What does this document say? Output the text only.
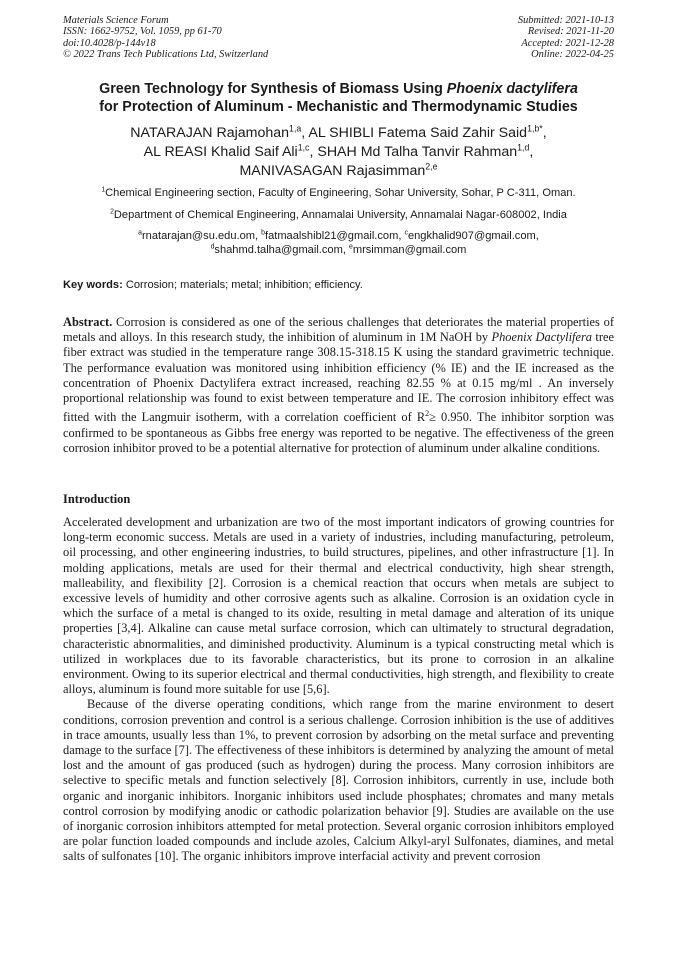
Materials Science Forum
ISSN: 1662-9752, Vol. 1059, pp 61-70
doi:10.4028/p-144v18
© 2022 Trans Tech Publications Ltd, Switzerland
Submitted: 2021-10-13
Revised: 2021-11-20
Accepted: 2021-12-28
Online: 2022-04-25
Green Technology for Synthesis of Biomass Using Phoenix dactylifera
for Protection of Aluminum - Mechanistic and Thermodynamic Studies
NATARAJAN Rajamohan$^{1,a}$, AL SHIBLI Fatema Said Zahir Said$^{1,b*}$,
AL REASI Khalid Saif Ali$^{1,c}$, SHAH Md Talha Tanvir Rahman$^{1,d}$,
MANIVASAGAN Rajasimman$^{2,e}$
$^1$Chemical Engineering section, Faculty of Engineering, Sohar University, Sohar, P C-311, Oman.
$^2$Department of Chemical Engineering, Annamalai University, Annamalai Nagar-608002, India
$^a$rnatarajan@su.edu.om, $^b$fatmaalshibl21@gmail.com, $^c$engkhalid907@gmail.com,
$^d$shahmd.talha@gmail.com, $^e$mrsimman@gmail.com
Key words: Corrosion; materials; metal; inhibition; efficiency.
Abstract. Corrosion is considered as one of the serious challenges that deteriorates the material properties of metals and alloys. In this research study, the inhibition of aluminum in 1M NaOH by Phoenix Dactylifera tree fiber extract was studied in the temperature range 308.15-318.15 K using the standard gravimetric technique. The performance evaluation was monitored using inhibition efficiency (% IE) and the IE increased as the concentration of Phoenix Dactylifera extract increased, reaching 82.55 % at 0.15 mg/ml . An inversely proportional relationship was found to exist between temperature and IE. The corrosion inhibitory effect was fitted with the Langmuir isotherm, with a correlation coefficient of $R^2\ge 0.950$. The inhibitor sorption was confirmed to be spontaneous as Gibbs free energy was reported to be negative. The effectiveness of the green corrosion inhibitor proved to be a potential alternative for protection of aluminum under alkaline conditions.
Introduction

Accelerated development and urbanization are two of the most important indicators of growing countries for long-term economic success. Metals are used in a variety of industries, including manufacturing, petroleum, oil processing, and other engineering industries, to build structures, pipelines, and other infrastructure [1]. In molding applications, metals are used for their thermal and electrical conductivity, high shear strength, malleability, and flexibility [2]. Corrosion is a chemical reaction that occurs when metals are subject to excessive levels of humidity and other corrosive agents such as alkaline. Corrosion is an oxidation cycle in which the surface of a metal is changed to its oxide, resulting in metal damage and alteration of its unique properties [3,4]. Alkaline can cause metal surface corrosion, which can ultimately to structural degradation, characteristic abnormalities, and diminished productivity. Aluminum is a typical constructing metal which is utilized in workplaces due to its favorable characteristics, but its prone to corrosion in an alkaline environment. Owing to its superior electrical and thermal conductivities, high strength, and flexibility to create alloys, aluminum is found more suitable for use [5,6].

Because of the diverse operating conditions, which range from the marine environment to desert conditions, corrosion prevention and control is a serious challenge. Corrosion inhibition is the use of additives in trace amounts, usually less than 1%, to prevent corrosion by adsorbing on the metal surface and preventing damage to the surface [7]. The effectiveness of these inhibitors is determined by analyzing the amount of metal lost and the amount of gas produced (such as hydrogen) during the process. Many corrosion inhibitors are selective to specific metals and function selectively [8]. Corrosion inhibitors, currently in use, include both organic and inorganic inhibitors. Inorganic inhibitors used include phosphates; chromates and many metals control corrosion by modifying anodic or cathodic polarization behavior [9]. Studies are available on the use of inorganic corrosion inhibitors attempted for metal protection. Several organic corrosion inhibitors employed are polar function loaded compounds and include azoles, Calcium Alkyl-aryl Sulfonates, diamines, and metal salts of sulfonates [10]. The organic inhibitors improve interfacial activity and prevent corrosion
